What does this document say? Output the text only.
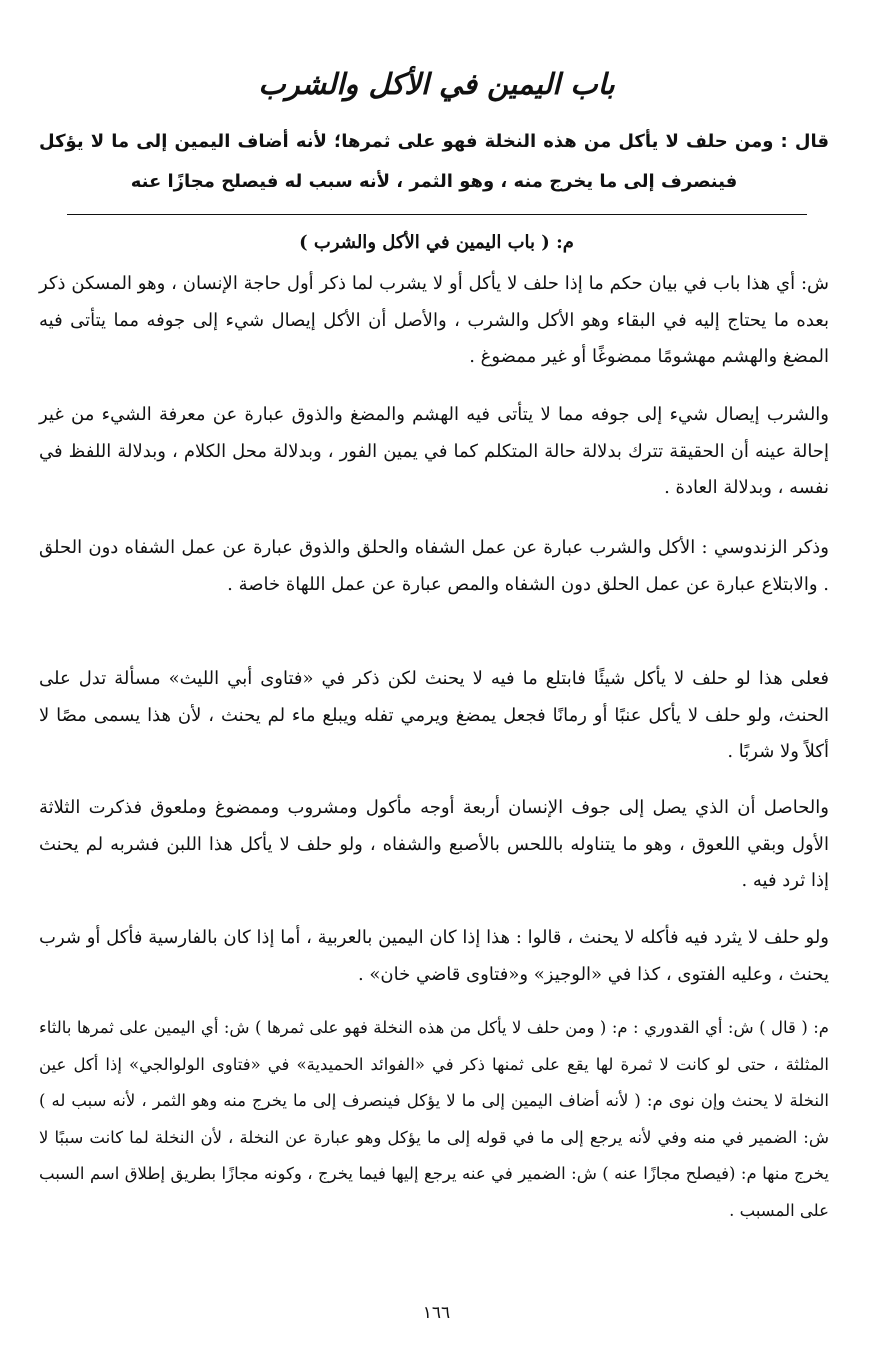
باب اليمين في الأكل والشرب

قال : ومن حلف لا يأكل من هذه النخلة فهو على ثمرها؛ لأنه أضاف اليمين إلى ما لا يؤكل فينصرف إلى ما يخرج منه ، وهو الثمر ، لأنه سبب له فيصلح مجازًا عنه

م: ( باب اليمين في الأكل والشرب )

ش: أي هذا باب في بيان حكم ما إذا حلف لا يأكل أو لا يشرب لما ذكر أول حاجة الإنسان ، وهو المسكن ذكر بعده ما يحتاج إليه في البقاء وهو الأكل والشرب ، والأصل أن الأكل إيصال شيء إلى جوفه مما يتأتى فيه المضغ والهشم مهشومًا ممضوغًا أو غير ممضوغ .

والشرب إيصال شيء إلى جوفه مما لا يتأتى فيه الهشم والمضغ والذوق عبارة عن معرفة الشيء من غير إحالة عينه أن الحقيقة تترك بدلالة حالة المتكلم كما في يمين الفور ، وبدلالة محل الكلام ، وبدلالة اللفظ في نفسه ، وبدلالة العادة .

وذكر الزندوسي : الأكل والشرب عبارة عن عمل الشفاه والحلق والذوق عبارة عن عمل الشفاه دون الحلق . والابتلاع عبارة عن عمل الحلق دون الشفاه والمص عبارة عن عمل اللهاة خاصة .

فعلى هذا لو حلف لا يأكل شيئًا فابتلع ما فيه لا يحنث لكن ذكر في «فتاوى أبي الليث» مسألة تدل على الحنث، ولو حلف لا يأكل عنبًا أو رمانًا فجعل يمضغ ويرمي تفله ويبلع ماء لم يحنث ، لأن هذا يسمى مصًا لا أكلاً ولا شربًا .

والحاصل أن الذي يصل إلى جوف الإنسان أربعة أوجه مأكول ومشروب وممضوغ وملعوق فذكرت الثلاثة الأول وبقي اللعوق ، وهو ما يتناوله باللحس بالأصبع والشفاه ، ولو حلف لا يأكل هذا اللبن فشربه لم يحنث إذا ثرد فيه .

ولو حلف لا يثرد فيه فأكله لا يحنث ، قالوا : هذا إذا كان اليمين بالعربية ، أما إذا كان بالفارسية فأكل أو شرب يحنث ، وعليه الفتوى ، كذا في «الوجيز» و«فتاوى قاضي خان» .

م: ( قال ) ش: أي القدوري : م: ( ومن حلف لا يأكل من هذه النخلة فهو على ثمرها ) ش: أي اليمين على ثمرها بالثاء المثلثة ، حتى لو كانت لا ثمرة لها يقع على ثمنها ذكر في «الفوائد الحميدية» في «فتاوى الولوالجي» إذا أكل عين النخلة لا يحنث وإن نوى م: ( لأنه أضاف اليمين إلى ما لا يؤكل فينصرف إلى ما يخرج منه وهو الثمر ، لأنه سبب له ) ش: الضمير في منه وفي لأنه يرجع إلى ما في قوله إلى ما يؤكل وهو عبارة عن النخلة ، لأن النخلة لما كانت سببًا لا يخرج منها م: (فيصلح مجازًا عنه ) ش: الضمير في عنه يرجع إليها فيما يخرج ، وكونه مجازًا بطريق إطلاق اسم السبب على المسبب .

١٦٦
